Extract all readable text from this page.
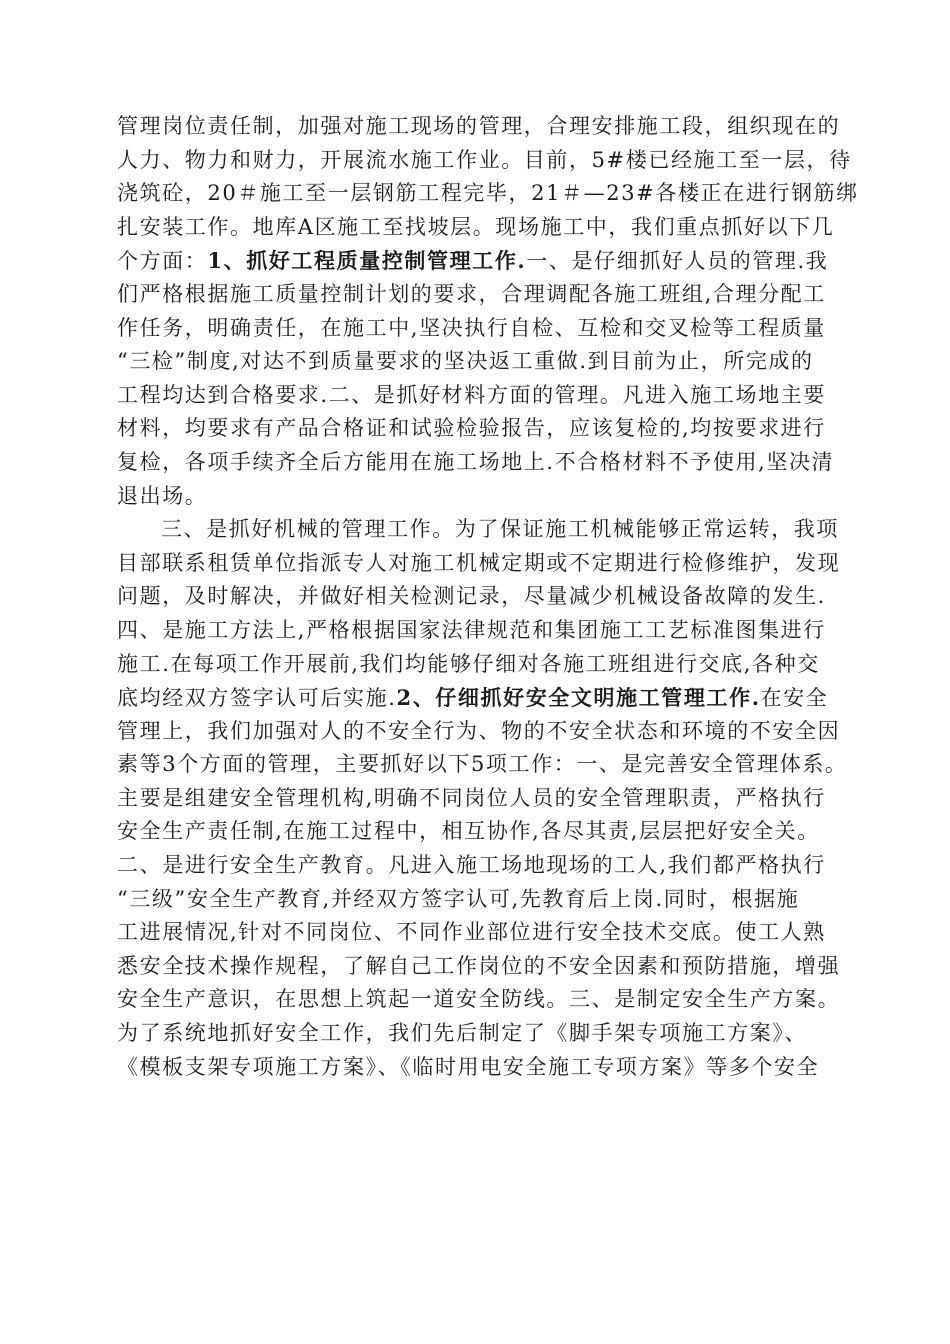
管理岗位责任制，加强对施工现场的管理，合理安排施工段，组织现在的
人力、物力和财力，开展流水施工作业。目前，5#楼已经施工至一层，待
浇筑砼，20＃施工至一层钢筋工程完毕，21＃—23#各楼正在进行钢筋绑
扎安装工作。地库A区施工至找坡层。现场施工中，我们重点抓好以下几
个方面：1、抓好工程质量控制管理工作.一、是仔细抓好人员的管理.我
们严格根据施工质量控制计划的要求，合理调配各施工班组,合理分配工
作任务，明确责任，在施工中,坚决执行自检、互检和交叉检等工程质量
“三检”制度,对达不到质量要求的坚决返工重做.到目前为止，所完成的
工程均达到合格要求.二、是抓好材料方面的管理。凡进入施工场地主要
材料，均要求有产品合格证和试验检验报告，应该复检的,均按要求进行
复检，各项手续齐全后方能用在施工场地上.不合格材料不予使用,坚决清
退出场。
三、是抓好机械的管理工作。为了保证施工机械能够正常运转，我项
目部联系租赁单位指派专人对施工机械定期或不定期进行检修维护，发现
问题，及时解决，并做好相关检测记录，尽量减少机械设备故障的发生.
四、是施工方法上,严格根据国家法律规范和集团施工工艺标准图集进行
施工.在每项工作开展前,我们均能够仔细对各施工班组进行交底,各种交
底均经双方签字认可后实施.2、仔细抓好安全文明施工管理工作.在安全
管理上，我们加强对人的不安全行为、物的不安全状态和环境的不安全因
素等3个方面的管理，主要抓好以下5项工作：一、是完善安全管理体系。
主要是组建安全管理机构,明确不同岗位人员的安全管理职责，严格执行
安全生产责任制,在施工过程中，相互协作,各尽其责,层层把好安全关。
二、是进行安全生产教育。凡进入施工场地现场的工人,我们都严格执行
“三级”安全生产教育,并经双方签字认可,先教育后上岗.同时，根据施
工进展情况,针对不同岗位、不同作业部位进行安全技术交底。使工人熟
悉安全技术操作规程，了解自己工作岗位的不安全因素和预防措施，增强
安全生产意识，在思想上筑起一道安全防线。三、是制定安全生产方案。
为了系统地抓好安全工作，我们先后制定了《脚手架专项施工方案》、
《模板支架专项施工方案》、《临时用电安全施工专项方案》等多个安全
